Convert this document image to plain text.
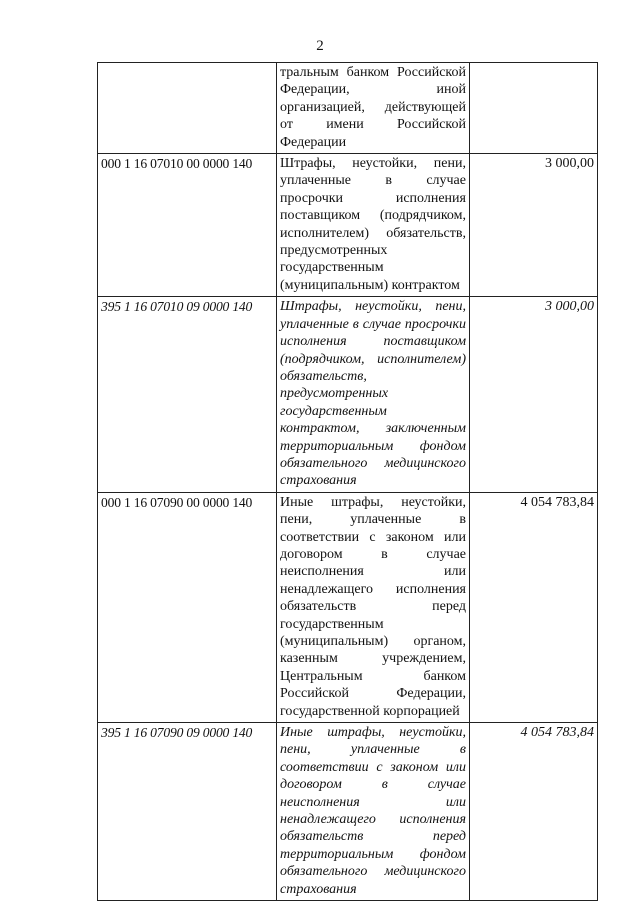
2
	тральным банком Российской Федерации, иной организацией, действующей от имени Российской Федерации	
000 1 16 07010 00 0000 140	Штрафы, неустойки, пени, уплаченные в случае просрочки исполнения поставщиком (подрядчиком, исполнителем) обязательств, предусмотренных государственным (муниципальным) контрактом	3 000,00
395 1 16 07010 09 0000 140	Штрафы, неустойки, пени, уплаченные в случае просрочки исполнения поставщиком (подрядчиком, исполнителем) обязательств, предусмотренных государственным контрактом, заключенным территориальным фондом обязательного медицинского страхования	3 000,00
000 1 16 07090 00 0000 140	Иные штрафы, неустойки, пени, уплаченные в соответствии с законом или договором в случае неисполнения или ненадлежащего исполнения обязательств перед государственным (муниципальным) органом, казенным учреждением, Центральным банком Российской Федерации, государственной корпорацией	4 054 783,84
395 1 16 07090 09 0000 140	Иные штрафы, неустойки, пени, уплаченные в соответствии с законом или договором в случае неисполнения или ненадлежащего исполнения обязательств перед территориальным фондом обязательного медицинского страхования	4 054 783,84
